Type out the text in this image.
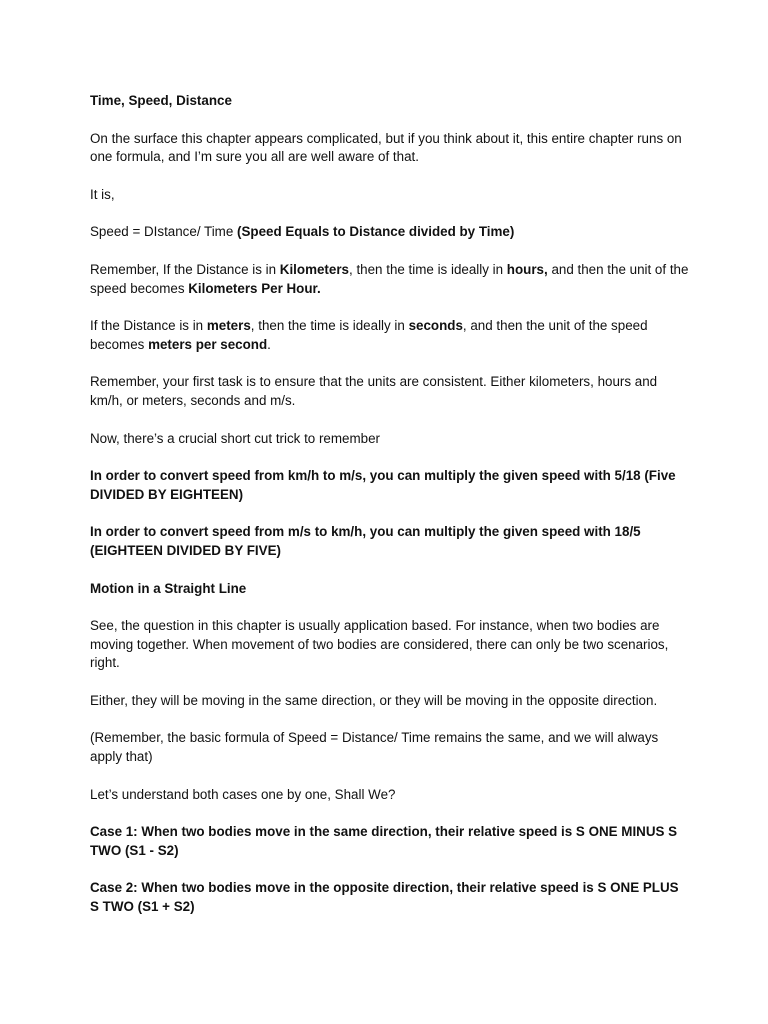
Time, Speed, Distance

On the surface this chapter appears complicated, but if you think about it, this entire chapter runs on one formula, and I’m sure you all are well aware of that.

It is,

Speed = DIstance/ Time (Speed Equals to Distance divided by Time)

Remember, If the Distance is in Kilometers, then the time is ideally in hours, and then the unit of the speed becomes Kilometers Per Hour.

If the Distance is in meters, then the time is ideally in seconds, and then the unit of the speed becomes meters per second.

Remember, your first task is to ensure that the units are consistent. Either kilometers, hours and km/h, or meters, seconds and m/s.

Now, there’s a crucial short cut trick to remember

In order to convert speed from km/h to m/s, you can multiply the given speed with 5/18 (Five DIVIDED BY EIGHTEEN)

In order to convert speed from m/s to km/h, you can multiply the given speed with 18/5 (EIGHTEEN DIVIDED BY FIVE)

Motion in a Straight Line

See, the question in this chapter is usually application based. For instance, when two bodies are moving together. When movement of two bodies are considered, there can only be two scenarios, right.

Either, they will be moving in the same direction, or they will be moving in the opposite direction.

(Remember, the basic formula of Speed = Distance/ Time remains the same, and we will always apply that)

Let’s understand both cases one by one, Shall We?

Case 1: When two bodies move in the same direction, their relative speed is S ONE MINUS S TWO (S1 - S2)

Case 2: When two bodies move in the opposite direction, their relative speed is S ONE PLUS S TWO (S1 + S2)
